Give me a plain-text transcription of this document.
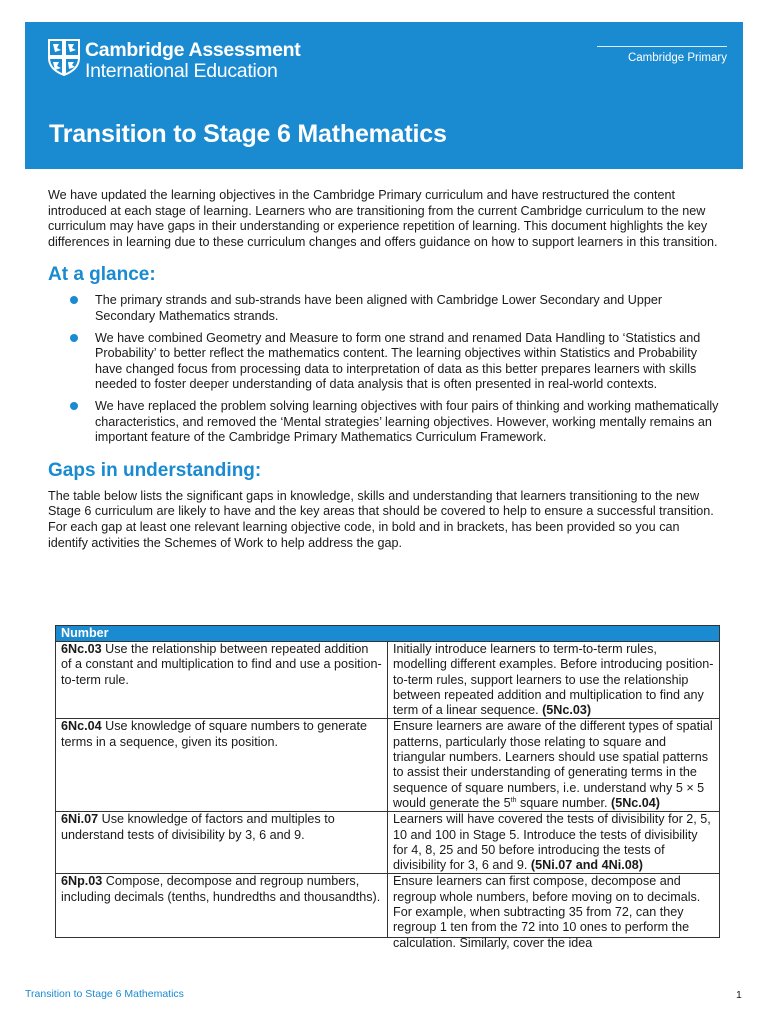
Cambridge Assessment
International Education
Cambridge Primary
Transition to Stage 6 Mathematics

We have updated the learning objectives in the Cambridge Primary curriculum and have restructured the content introduced at each stage of learning. Learners who are transitioning from the current Cambridge curriculum to the new curriculum may have gaps in their understanding or experience repetition of learning. This document highlights the key differences in learning due to these curriculum changes and offers guidance on how to support learners in this transition.

At a glance:
The primary strands and sub-strands have been aligned with Cambridge Lower Secondary and Upper Secondary Mathematics strands.
We have combined Geometry and Measure to form one strand and renamed Data Handling to ‘Statistics and Probability’ to better reflect the mathematics content. The learning objectives within Statistics and Probability have changed focus from processing data to interpretation of data as this better prepares learners with skills needed to foster deeper understanding of data analysis that is often presented in real-world contexts.
We have replaced the problem solving learning objectives with four pairs of thinking and working mathematically characteristics, and removed the ‘Mental strategies’ learning objectives. However, working mentally remains an important feature of the Cambridge Primary Mathematics Curriculum Framework.
Gaps in understanding:

The table below lists the significant gaps in knowledge, skills and understanding that learners transitioning to the new Stage 6 curriculum are likely to have and the key areas that should be covered to help to ensure a successful transition. For each gap at least one relevant learning objective code, in bold and in brackets, has been provided so you can identify activities the Schemes of Work to help address the gap.

Number	
6Nc.03 Use the relationship between repeated addition of a constant and multiplication to find and use a position-to-term rule.	Initially introduce learners to term-to-term rules, modelling different examples. Before introducing position-to-term rules, support learners to use the relationship between repeated addition and multiplication to find any term of a linear sequence. (5Nc.03)
6Nc.04 Use knowledge of square numbers to generate terms in a sequence, given its position.	Ensure learners are aware of the different types of spatial patterns, particularly those relating to square and triangular numbers. Learners should use spatial patterns to assist their understanding of generating terms in the sequence of square numbers, i.e. understand why 5 × 5 would generate the 5th square number. (5Nc.04)
6Ni.07 Use knowledge of factors and multiples to understand tests of divisibility by 3, 6 and 9.	Learners will have covered the tests of divisibility for 2, 5, 10 and 100 in Stage 5. Introduce the tests of divisibility for 4, 8, 25 and 50 before introducing the tests of divisibility for 3, 6 and 9. (5Ni.07 and 4Ni.08)

6Np.03 Compose, decompose and regroup numbers, including decimals (tenths, hundredths and thousandths).	Ensure learners can first compose, decompose and regroup whole numbers, before moving on to decimals. For example, when subtracting 35 from 72, can they regroup 1 ten from the 72 into 10 ones to perform the calculation. Similarly, cover the idea
Transition to Stage 6 Mathematics	1
